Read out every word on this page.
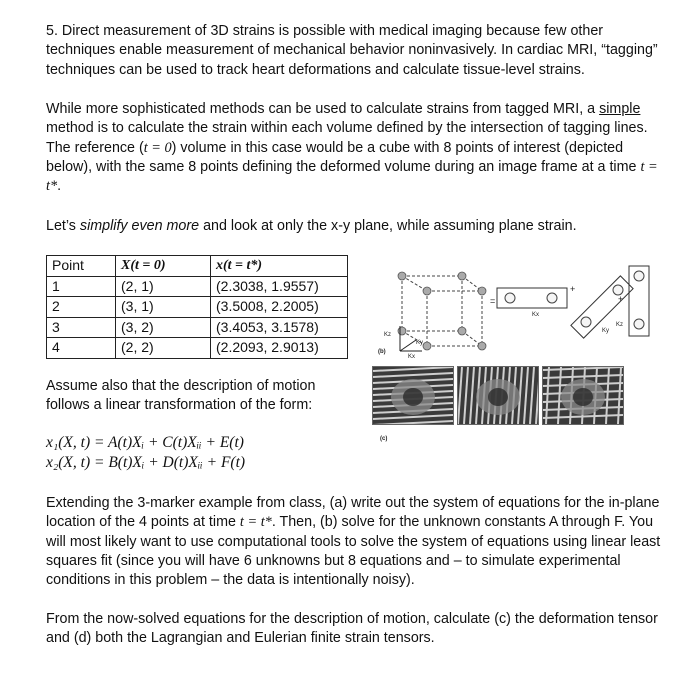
5. Direct measurement of 3D strains is possible with medical imaging because few other techniques enable measurement of mechanical behavior noninvasively. In cardiac MRI, “tagging” techniques can be used to track heart deformations and calculate tissue-level strains.

While more sophisticated methods can be used to calculate strains from tagged MRI, a simple method is to calculate the strain within each volume defined by the intersection of tagging lines. The reference (t = 0) volume in this case would be a cube with 8 points of interest (depicted below), with the same 8 points defining the deformed volume during an image frame at a time t = t*.

Let’s simplify even more and look at only the x-y plane, while assuming plane strain.

Point	X(t = 0)	x(t = t*)
1	(2, 1)	(2.3038, 1.9557)
2	(3, 1)	(3.5008, 2.2005)
3	(3, 2)	(3.4053, 3.1578)
4	(2, 2)	(2.2093, 2.9013)
Kz
Ky
Kx
=
Kx
+
Ky
+
Kz
(b)
(c)

Assume also that the description of motion follows a linear transformation of the form:

x₁(X, t) = A(t)Xᵢ + C(t)Xᵢᵢ + E(t)
x₂(X, t) = B(t)Xᵢ + D(t)Xᵢᵢ + F(t)

Extending the 3-marker example from class, (a) write out the system of equations for the in-plane location of the 4 points at time t = t*. Then, (b) solve for the unknown constants A through F. You will most likely want to use computational tools to solve the system of equations using linear least squares fit (since you will have 6 unknowns but 8 equations and – to simulate experimental conditions in this problem – the data is intentionally noisy).

From the now-solved equations for the description of motion, calculate (c) the deformation tensor and (d) both the Lagrangian and Eulerian finite strain tensors.
